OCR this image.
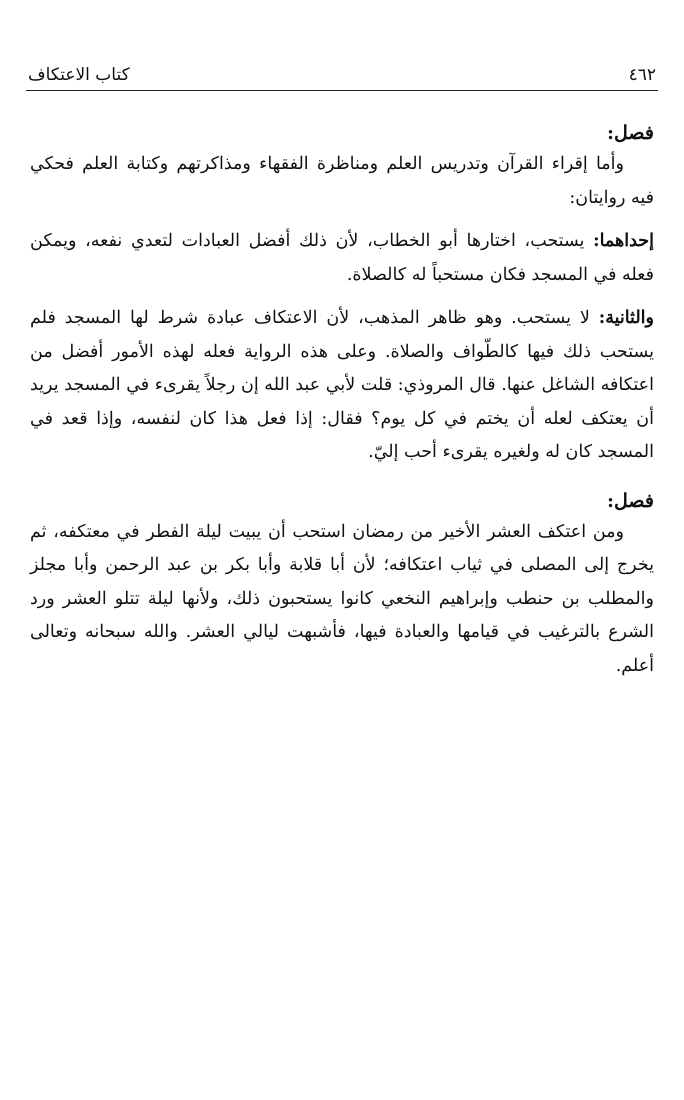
٤٦٢
كتاب الاعتكاف

فصل:

وأما إقراء القرآن وتدريس العلم ومناظرة الفقهاء ومذاكرتهم وكتابة العلم فحكي فيه روايتان:

إحداهما: يستحب، اختارها أبو الخطاب، لأن ذلك أفضل العبادات لتعدي نفعه، ويمكن فعله في المسجد فكان مستحباً له كالصلاة.

والثانية: لا يستحب. وهو ظاهر المذهب، لأن الاعتكاف عبادة شرط لها المسجد فلم يستحب ذلك فيها كالطّواف والصلاة. وعلى هذه الرواية فعله لهذه الأمور أفضل من اعتكافه الشاغل عنها. قال المروذي: قلت لأبي عبد الله إن رجلاً يقرىء في المسجد يريد أن يعتكف لعله أن يختم في كل يوم؟ فقال: إذا فعل هذا كان لنفسه، وإذا قعد في المسجد كان له ولغيره يقرىء أحب إليّ.

فصل:

ومن اعتكف العشر الأخير من رمضان استحب أن يبيت ليلة الفطر في معتكفه، ثم يخرج إلى المصلى في ثياب اعتكافه؛ لأن أبا قلابة وأبا بكر بن عبد الرحمن وأبا مجلز والمطلب بن حنطب وإبراهيم النخعي كانوا يستحبون ذلك، ولأنها ليلة تتلو العشر ورد الشرع بالترغيب في قيامها والعبادة فيها، فأشبهت ليالي العشر. والله سبحانه وتعالى أعلم.
